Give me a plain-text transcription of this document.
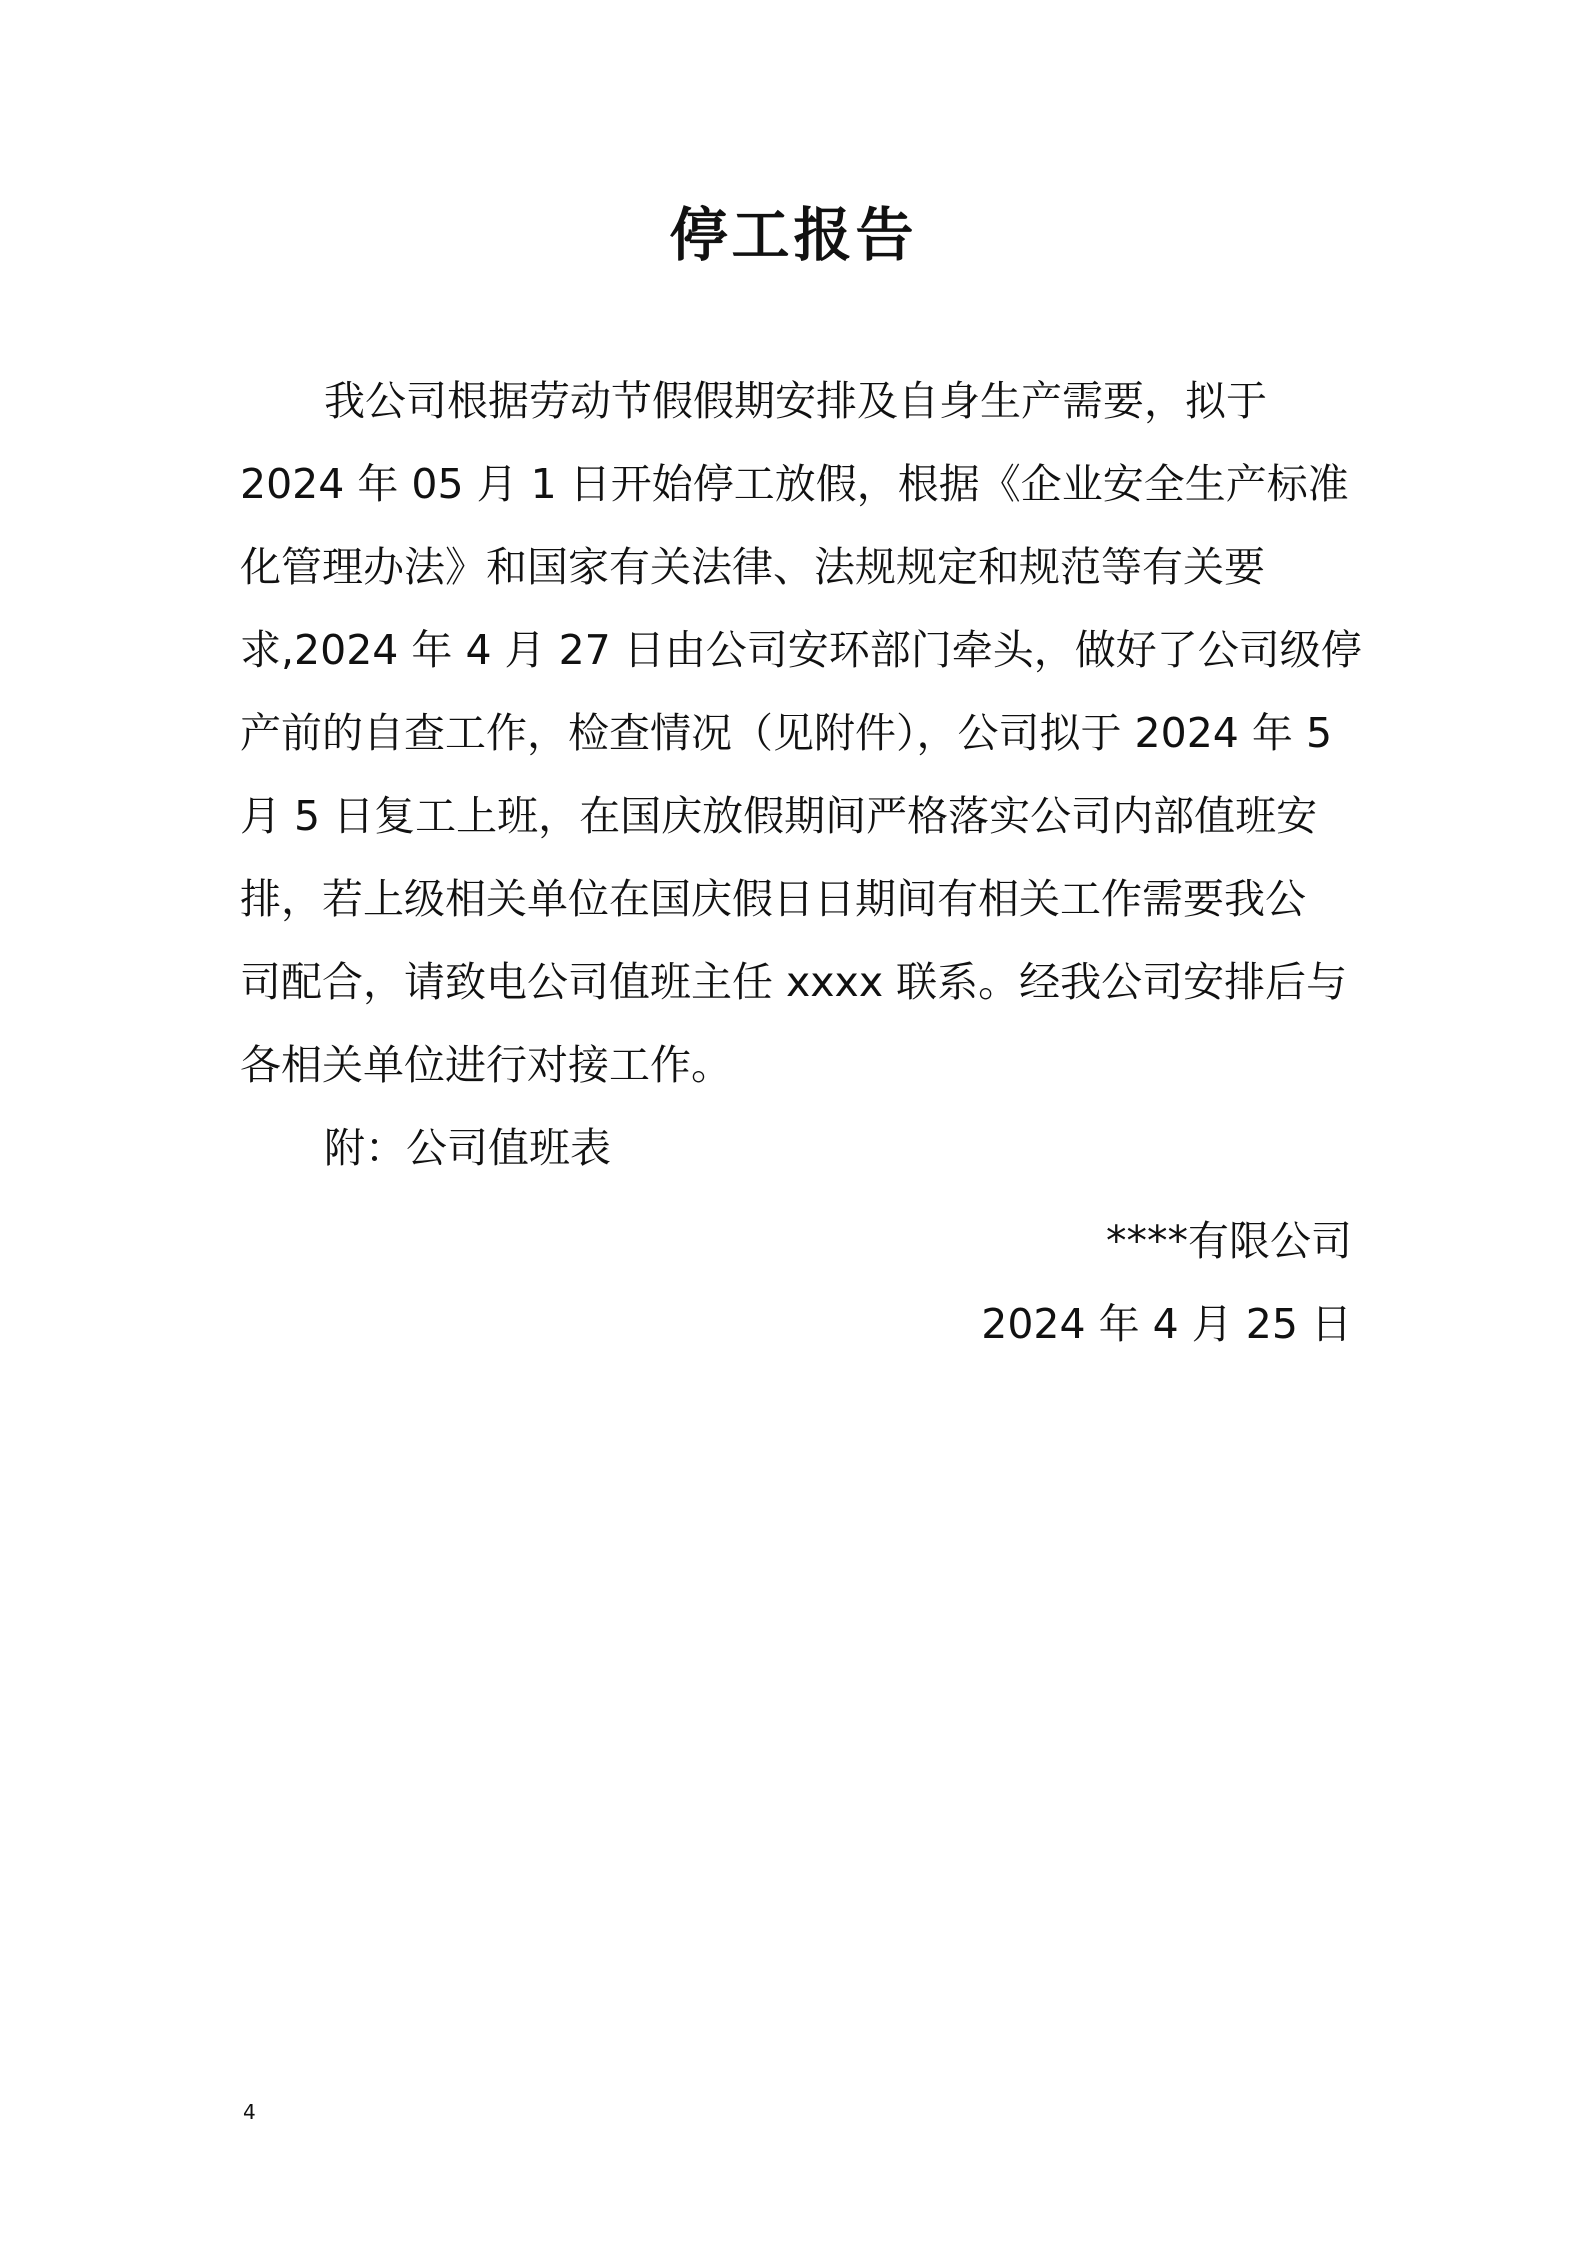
停工报告
我公司根据劳动节假假期安排及自身生产需要，拟于
2024 年 05 月 1 日开始停工放假，根据《企业安全生产标准
化管理办法》和国家有关法律、法规规定和规范等有关要
求,2024 年 4 月 27 日由公司安环部门牵头，做好了公司级停
产前的自查工作，检查情况（见附件），公司拟于 2024 年 5
月 5 日复工上班，在国庆放假期间严格落实公司内部值班安
排，若上级相关单位在国庆假日日期间有相关工作需要我公
司配合，请致电公司值班主任 xxxx 联系。经我公司安排后与
各相关单位进行对接工作。
附：公司值班表
****有限公司
2024 年 4 月 25 日
4
